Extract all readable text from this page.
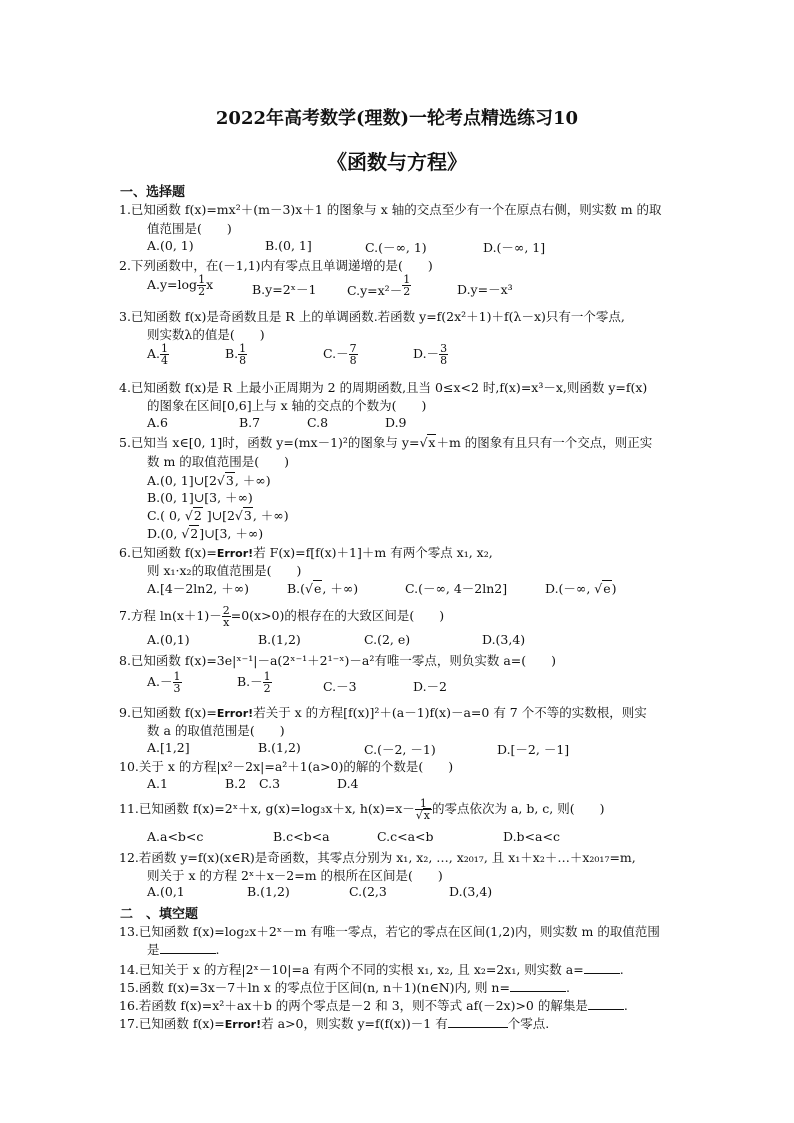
2022年高考数学(理数)一轮考点精选练习10
《函数与方程》
一、选择题
1.已知函数 f(x)=mx²＋(m－3)x＋1 的图象与 x 轴的交点至少有一个在原点右侧，则实数 m 的取
值范围是(　　)
A.(0, 1)	B.(0, 1]	C.(－∞, 1)	D.(－∞, 1]
2.下列函数中，在(－1,1)内有零点且单调递增的是(　　)
$A.y=\log \frac{1}{2}$ x	B.y=2ˣ－1 $C.y=x^2- \frac{1}{2}$	D.y=－x³
3.已知函数 f(x)是奇函数且是 R 上的单调函数.若函数 y=f(2x²＋1)＋f(λ－x)只有一个零点,
则实数λ的值是(　　)
A. $\frac{1}{4}$	B. $\frac{1}{8}$	$C.- \frac{7}{8}$	$D.- \frac{3}{8}$
4.已知函数 f(x)是 R 上最小正周期为 2 的周期函数,且当 0≤x<2 时,f(x)=x³－x,则函数 y=f(x)
的图象在区间[0,6]上与 x 轴的交点的个数为(　　)
A.6	B.7	C.8	D.9
5.已知当 x∈[0, 1]时，函数 y=(mx－1)²的图象与 y=√x＋m 的图象有且只有一个交点，则正实
数 m 的取值范围是(　　)
A.(0, 1]∪[2√3, ＋∞)
B.(0, 1]∪[3, ＋∞)
C.( 0, √2 ]∪[2√3, ＋∞)
D.(0, √2]∪[3, ＋∞)
6.已知函数 f(x)=Error!若 F(x)=f[f(x)＋1]＋m 有两个零点 x₁, x₂,
则 x₁·x₂的取值范围是(　　)
A.[4－2ln2, ＋∞)	B.(√e, ＋∞)	C.(－∞, 4－2ln2]	D.(－∞, √e)
7.方程 $\ln(x+1)- \frac{2}{x} =0(x>0)$的根存在的大致区间是(　　)
A.(0,1)	B.(1,2)	C.(2, e)	D.(3,4)
8.已知函数 f(x)=3e|ˣ⁻¹|－a(2ˣ⁻¹＋2¹⁻ˣ)－a²有唯一零点，则负实数 a=(　　)
$A.- \frac{1}{3}$	$B.- \frac{1}{2}$	C.－3	D.－2
9.已知函数 f(x)=Error!若关于 x 的方程[f(x)]²＋(a－1)f(x)－a=0 有 7 个不等的实数根，则实
数 a 的取值范围是(　　)
A.[1,2]	B.(1,2)	C.(－2, －1)	D.[－2, －1]
10.关于 x 的方程|x²－2x|=a²＋1(a>0)的解的个数是(　　)
A.1	B.2 C.3	D.4
11.已知函数 f(x)=2ˣ＋x, g(x)=log₃x＋x, $h(x)=x- \frac{1}{√x}$ 的零点依次为 a, b, c, 则(　　)
A.a<b<c	B.c<b<a	C.c<a<b	D.b<a<c
12.若函数 y=f(x)(x∈R)是奇函数，其零点分别为 x₁, x₂, …, x₂₀₁₇, 且 x₁＋x₂＋…＋x₂₀₁₇=m,
则关于 x 的方程 2ˣ＋x－2=m 的根所在区间是(　　)
A.(0,1	B.(1,2)	C.(2,3	D.(3,4)
二　、填空题
13.已知函数 f(x)=log₂x＋2ˣ－m 有唯一零点，若它的零点在区间(1,2)内，则实数 m 的取值范围
是	.
14.已知关于 x 的方程|2ˣ－10|=a 有两个不同的实根 x₁, x₂, 且 x₂=2x₁, 则实数 a=	.
15.函数 f(x)=3x－7＋ln x 的零点位于区间(n, n＋1)(n∈N)内, 则 n=	.
16.若函数 f(x)=x²＋ax＋b 的两个零点是－2 和 3，则不等式 af(－2x)>0 的解集是	.
17.已知函数 f(x)=Error!若 a>0，则实数 y=f(f(x))－1 有	个零点.
